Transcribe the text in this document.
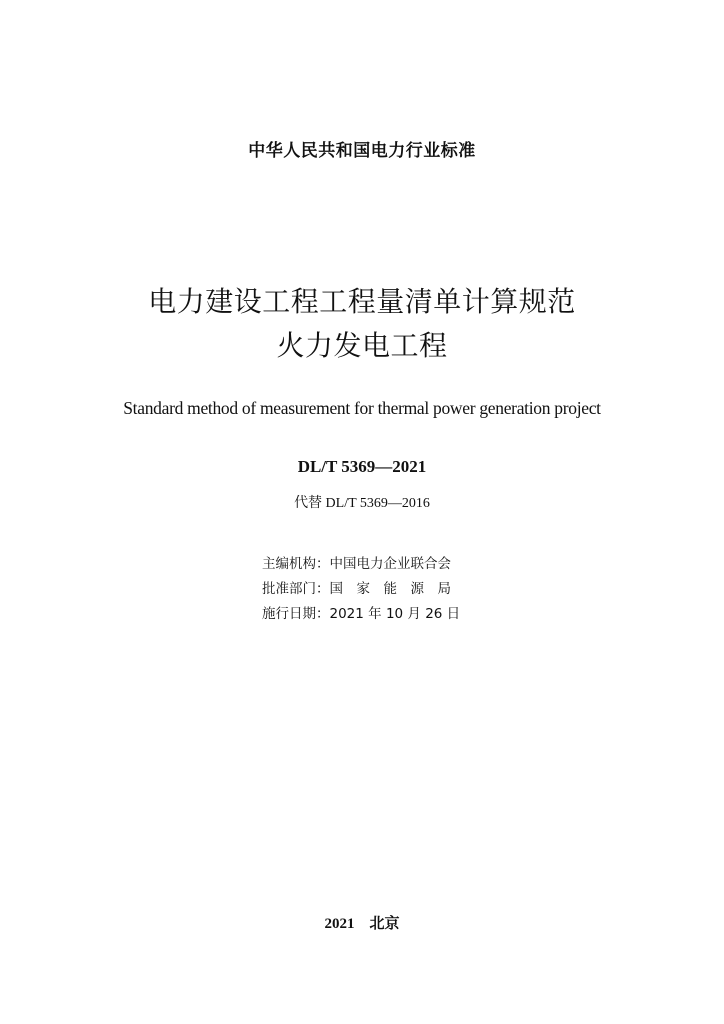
中华人民共和国电力行业标准
电力建设工程工程量清单计算规范
火力发电工程
Standard method of measurement for thermal power generation project
DL/T 5369—2021
代替 DL/T 5369—2016
主编机构：中国电力企业联合会
批准部门：国　家　能　源　局
施行日期：2021 年 10 月 26 日
2021　北京
